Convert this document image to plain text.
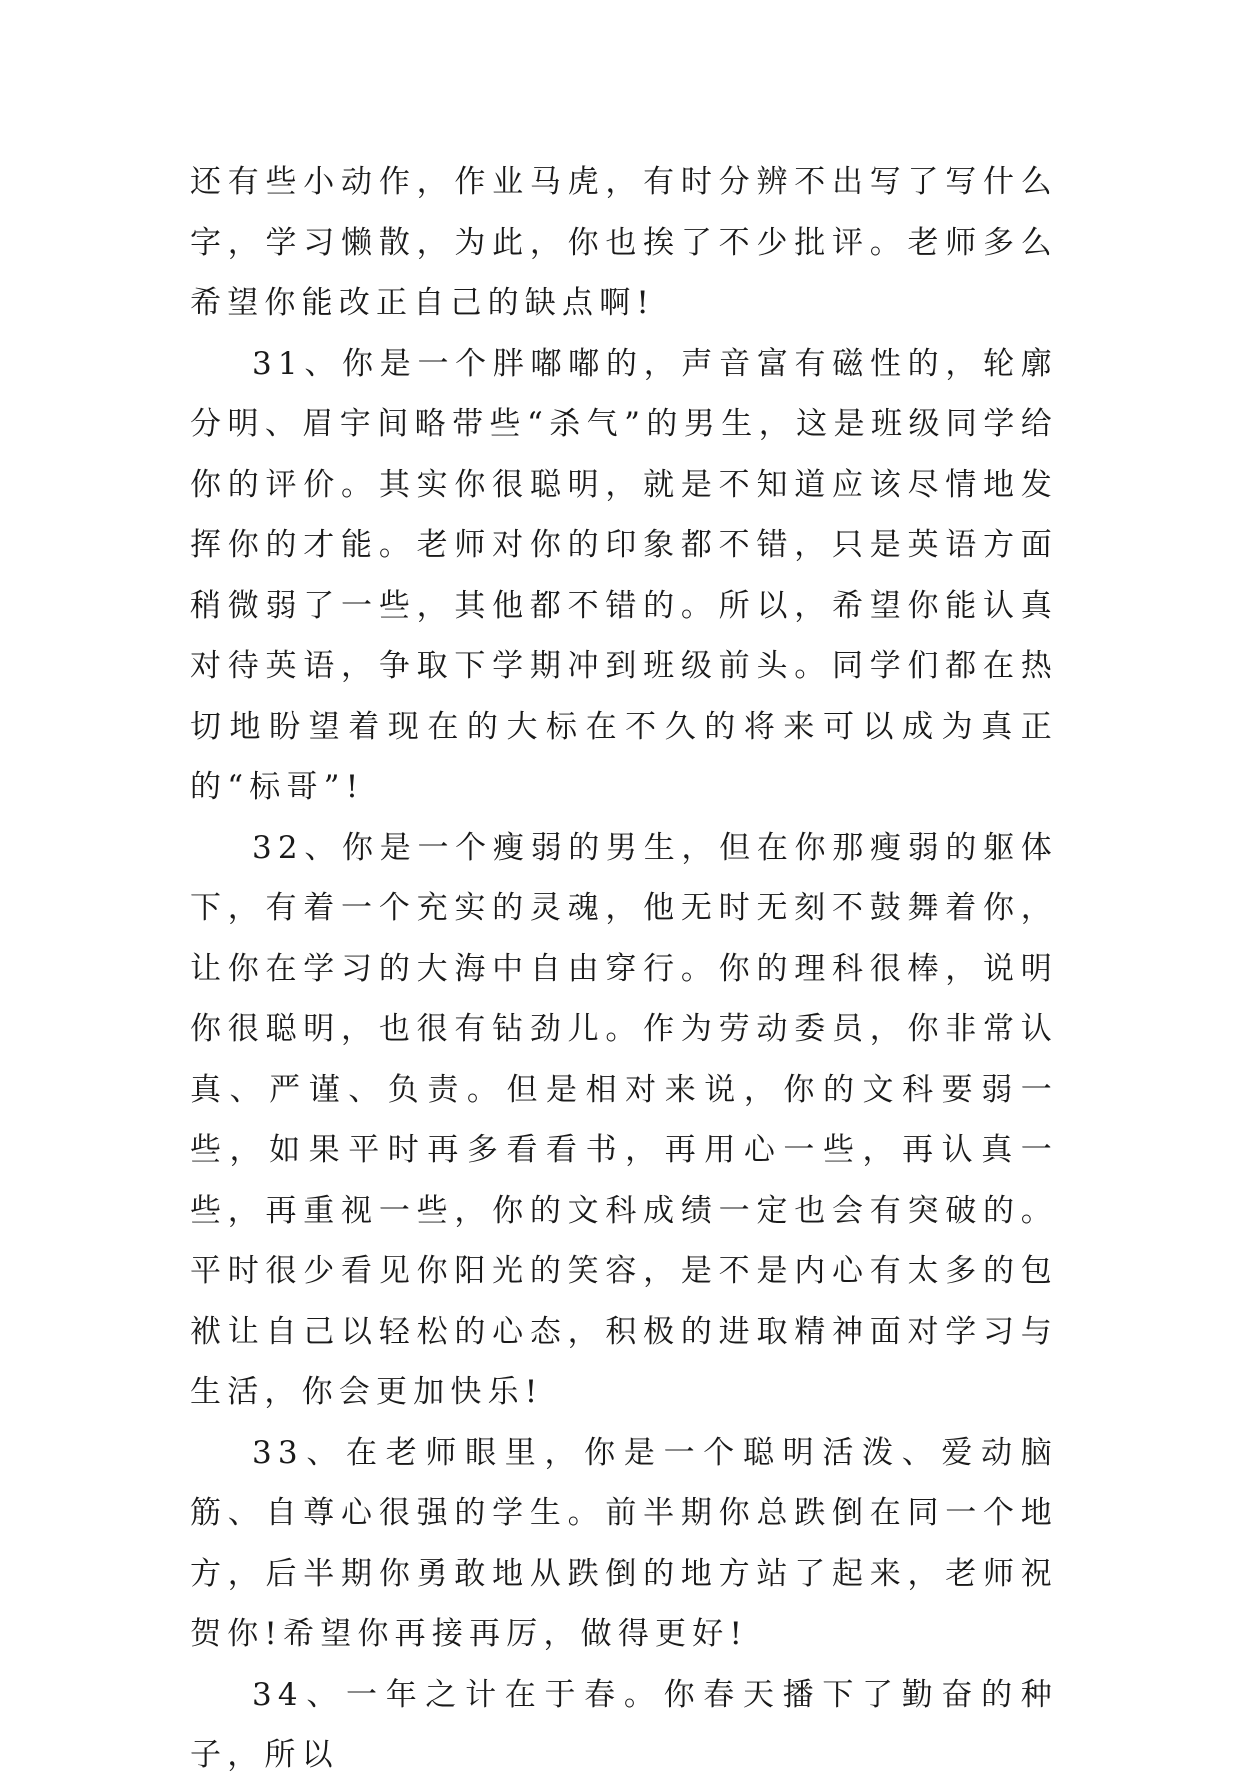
还有些小动作，作业马虎，有时分辨不出写了写什么字，学习懒散，为此，你也挨了不少批评。老师多么希望你能改正自己的缺点啊!

31、你是一个胖嘟嘟的，声音富有磁性的，轮廓分明、眉宇间略带些“杀气”的男生，这是班级同学给你的评价。其实你很聪明，就是不知道应该尽情地发挥你的才能。老师对你的印象都不错，只是英语方面稍微弱了一些，其他都不错的。所以，希望你能认真对待英语，争取下学期冲到班级前头。同学们都在热切地盼望着现在的大标在不久的将来可以成为真正的“标哥”!

32、你是一个瘦弱的男生，但在你那瘦弱的躯体下，有着一个充实的灵魂，他无时无刻不鼓舞着你，让你在学习的大海中自由穿行。你的理科很棒，说明你很聪明，也很有钻劲儿。作为劳动委员，你非常认真、严谨、负责。但是相对来说，你的文科要弱一些，如果平时再多看看书，再用心一些，再认真一些，再重视一些，你的文科成绩一定也会有突破的。平时很少看见你阳光的笑容，是不是内心有太多的包袱让自己以轻松的心态，积极的进取精神面对学习与生活，你会更加快乐!

33、在老师眼里，你是一个聪明活泼、爱动脑筋、自尊心很强的学生。前半期你总跌倒在同一个地方，后半期你勇敢地从跌倒的地方站了起来，老师祝贺你!希望你再接再厉，做得更好!

34、一年之计在于春。你春天播下了勤奋的种子，所以
